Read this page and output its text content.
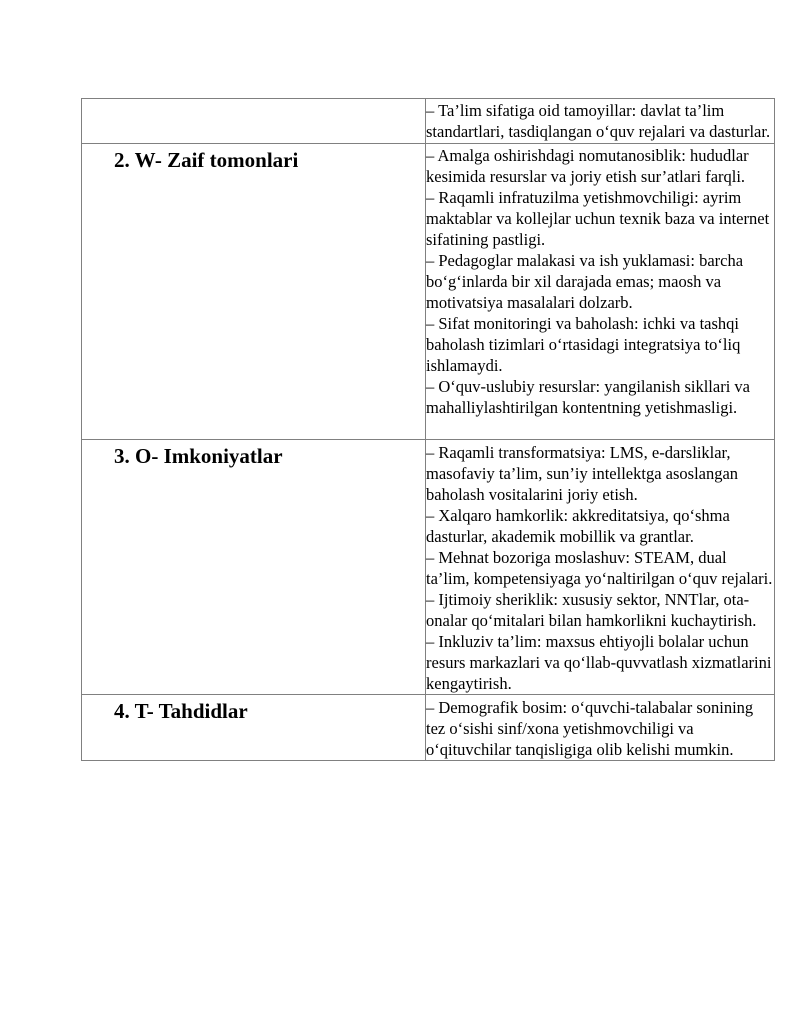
	– Ta’lim sifatiga oid tamoyillar: davlat ta’lim standartlari, tasdiqlangan o‘quv rejalari va dasturlar.

2. W- Zaif tomonlari	– Amalga oshirishdagi nomutanosiblik: hududlar kesimida resurslar va joriy etish sur’atlari farqli.

– Raqamli infratuzilma yetishmovchiligi: ayrim maktablar va kollejlar uchun texnik baza va internet sifatining pastligi.

– Pedagoglar malakasi va ish yuklamasi: barcha bo‘g‘inlarda bir xil darajada emas; maosh va motivatsiya masalalari dolzarb.

– Sifat monitoringi va baholash: ichki va tashqi baholash tizimlari o‘rtasidagi integratsiya to‘liq ishlamaydi.

– O‘quv-uslubiy resurslar: yangilanish sikllari va mahalliylashtirilgan kontentning yetishmasligi.

3. O- Imkoniyatlar	– Raqamli transformatsiya: LMS, e-darsliklar, masofaviy ta’lim, sun’iy intellektga asoslangan baholash vositalarini joriy etish.

– Xalqaro hamkorlik: akkreditatsiya, qo‘shma dasturlar, akademik mobillik va grantlar.

– Mehnat bozoriga moslashuv: STEAM, dual ta’lim, kompetensiyaga yo‘naltirilgan o‘quv rejalari.

– Ijtimoiy sheriklik: xususiy sektor, NNTlar, ota-onalar qo‘mitalari bilan hamkorlikni kuchaytirish.

– Inkluziv ta’lim: maxsus ehtiyojli bolalar uchun resurs markazlari va qo‘llab-quvvatlash xizmatlarini kengaytirish.

4. T- Tahdidlar	– Demografik bosim: o‘quvchi-talabalar sonining tez o‘sishi sinf/xona yetishmovchiligi va o‘qituvchilar tanqisligiga olib kelishi mumkin.
